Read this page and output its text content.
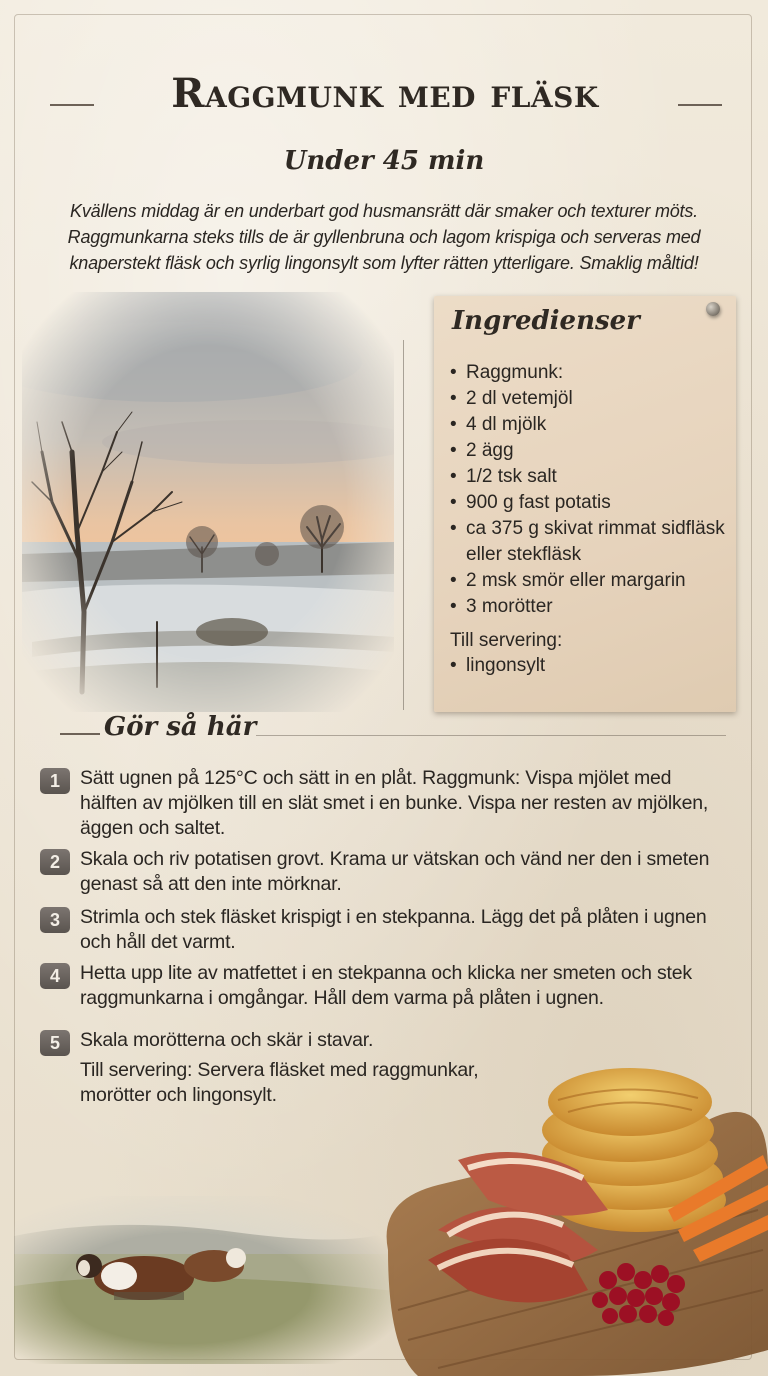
Raggmunk med fläsk
Under 45 min
Kvällens middag är en underbart god husmansrätt där smaker och texturer möts. Raggmunkarna steks tills de är gyllenbruna och lagom krispiga och serveras med knaperstekt fläsk och syrlig lingonsylt som lyfter rätten ytterligare. Smaklig måltid!
Ingredienser
• Raggmunk:
• 2 dl vetemjöl
• 4 dl mjölk
• 2 ägg
• 1/2 tsk salt
• 900 g fast potatis
• ca 375 g skivat rimmat sidfläsk eller stekfläsk
• 2 msk smör eller margarin
• 3 morötter
Till servering:
• lingonsylt
Gör så här
1	Sätt ugnen på 125°C och sätt in en plåt. Raggmunk: Vispa mjölet med hälften av mjölken till en slät smet i en bunke. Vispa ner resten av mjölken, äggen och saltet.
2	Skala och riv potatisen grovt. Krama ur vätskan och vänd ner den i smeten genast så att den inte mörknar.
3	Strimla och stek fläsket krispigt i en stekpanna. Lägg det på plåten i ugnen och håll det varmt.
4	Hetta upp lite av matfettet i en stekpanna och klicka ner smeten och stek raggmunkarna i omgångar. Håll dem varma på plåten i ugnen.
5	Skala morötterna och skär i stavar.
Till servering: Servera fläsket med raggmunkar, morötter och lingonsylt.
